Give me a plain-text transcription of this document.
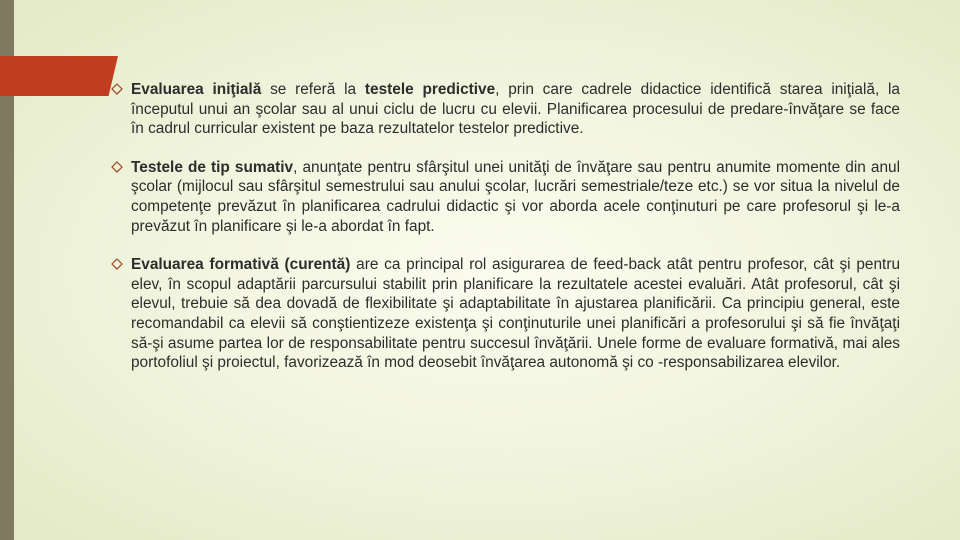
Evaluarea iniţială se referă la testele predictive, prin care cadrele didactice identifică starea iniţială, la începutul unui an şcolar sau al unui ciclu de lucru cu elevii. Planificarea procesului de predare-învăţare se face în cadrul curricular existent pe baza rezultatelor testelor predictive.
Testele de tip sumativ, anunţate pentru sfârşitul unei unităţi de învăţare sau pentru anumite momente din anul şcolar (mijlocul sau sfârşitul semestrului sau anului şcolar, lucrări semestriale/teze etc.) se vor situa la nivelul de competenţe prevăzut în planificarea cadrului didactic şi vor aborda acele conţinuturi pe care profesorul şi le-a prevăzut în planificare şi le-a abordat în fapt.
Evaluarea formativă (curentă) are ca principal rol asigurarea de feed-back atât pentru profesor, cât şi pentru elev, în scopul adaptării parcursului stabilit prin planificare la rezultatele acestei evaluări. Atât profesorul, cât şi elevul, trebuie să dea dovadă de flexibilitate şi adaptabilitate în ajustarea planificării. Ca principiu general, este recomandabil ca elevii să conştientizeze existenţa şi conţinuturile unei planificări a profesorului şi să fie învăţaţi să-şi asume partea lor de responsabilitate pentru succesul învăţării. Unele forme de evaluare formativă, mai ales portofoliul şi proiectul, favorizează în mod deosebit învăţarea autonomă şi co -responsabilizarea elevilor.
